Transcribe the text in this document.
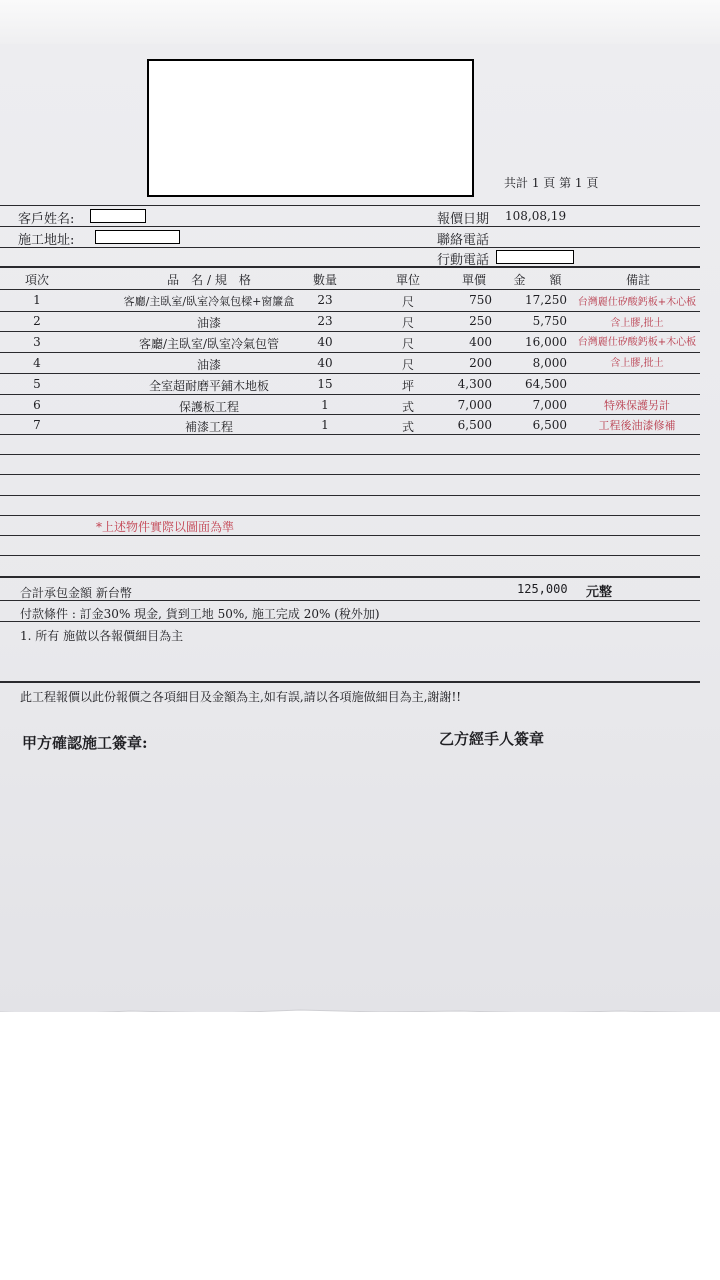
共計 1 頁 第 1 頁
客戶姓名:
施工地址:
報價日期 108,08,19
聯絡電話
行動電話
項次	品　名 / 規　格	數量	單位	單價	金　　額	備註
1	客廳/主臥室/臥室冷氣包樑+窗簾盒	23	尺	750	17,250	台灣麗仕矽酸鈣板+木心板
2	油漆	23	尺	250	5,750	含上膠,批土
3	客廳/主臥室/臥室冷氣包管	40	尺	400	16,000	台灣麗仕矽酸鈣板+木心板
4	油漆	40	尺	200	8,000	含上膠,批土
5	全室超耐磨平鋪木地板	15	坪	4,300	64,500
6	保護板工程	1	式	7,000	7,000	特殊保護另計
7	補漆工程	1	式	6,500	6,500	工程後油漆修補
*上述物件實際以圖面為準
合計承包金額 新台幣	125,000 元整
付款條件 : 訂金30% 現金, 貨到工地 50%, 施工完成 20% (稅外加)
1. 所有 施做以各報價細目為主
此工程報價以此份報價之各項細目及金額為主,如有誤,請以各項施做細目為主,謝謝!!
甲方確認施工簽章:	乙方經手人簽章
